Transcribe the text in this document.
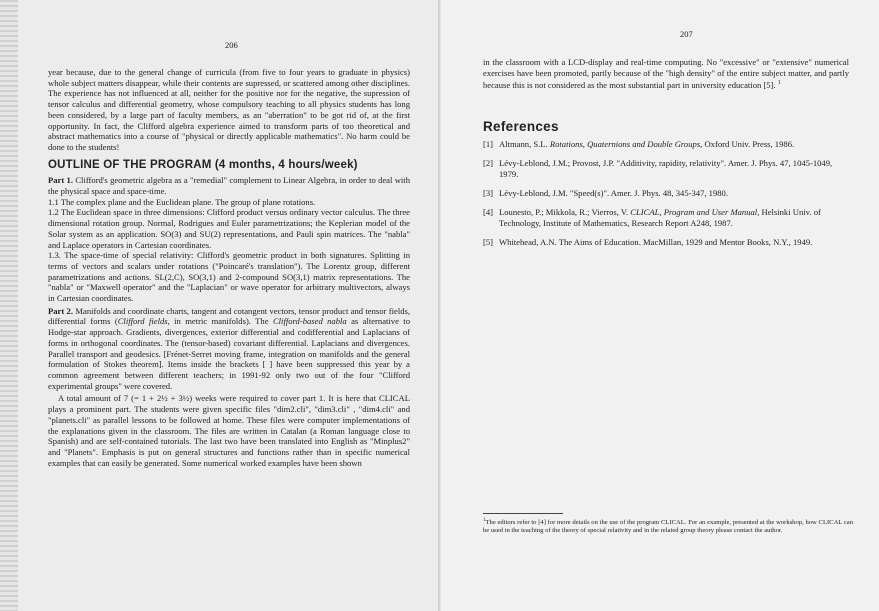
206

year because, due to the general change of curricula (from five to four years to graduate in physics) whole subject matters disappear, while their contents are supressed, or scattered among other disciplines. The experience has not influenced at all, neither for the positive nor for the negative, the supression of tensor calculus and differential geometry, whose compulsory teaching to all physics students has long been considered, by a large part of faculty members, as an "aberration" to be got rid of, at the first opportunity. In fact, the Clifford algebra experience aimed to transform parts of too theoretical and abstract mathematics into a course of "physical or directly applicable mathematics". No harm could be done to the students!

OUTLINE OF THE PROGRAM (4 months, 4 hours/week)

Part 1. Clifford's geometric algebra as a "remedial" complement to Linear Algebra, in order to deal with the physical space and space-time.

1.1 The complex plane and the Euclidean plane. The group of plane rotations.

1.2 The Euclidean space in three dimensions: Clifford product versus ordinary vector calculus. The three dimensional rotation group. Normal, Rodrigues and Euler parametrizations; the Keplerian model of the Solar system as an application. SO(3) and SU(2) representations, and Pauli spin matrices. The "nabla" and Laplace operators in Cartesian coordinates.

1.3. The space-time of special relativity: Clifford's geometric product in both signatures. Splitting in terms of vectors and scalars under rotations ("Poincaré's translation"). The Lorentz group, different parametrizations and actions. SL(2,C), SO(3,1) and 2-compound SO(3,1) matrix representations. The "nabla" or "Maxwell operator" and the "Laplacian" or wave operator for arbitrary multivectors, always in Cartesian coordinates.

Part 2. Manifolds and coordinate charts, tangent and cotangent vectors, tensor product and tensor fields, differential forms (Clifford fields, in metric manifolds). The Clifford-based nabla as alternative to Hodge-star approach. Gradients, divergences, exterior differential and codifferential and Laplacians of forms in orthogonal coordinates. The (tensor-based) covariant differential. Laplacians and divergences. Parallel transport and geodesics. [Frénet-Serret moving frame, integration on manifolds and the general formulation of Stokes theorem]. Items inside the brackets [ ] have been suppressed this year by a common agreement between different teachers; in 1991-92 only two out of the four "Clifford experimental groups" were covered.

A total amount of 7 (= 1 + 2½ + 3½) weeks were required to cover part 1. It is here that CLICAL plays a prominent part. The students were given specific files "dim2.cli", "dim3.cli" , "dim4.cli" and "planets.cli" as parallel lessons to be followed at home. These files were computer implementations of the explanations given in the classroom. The files are written in Catalan (a Roman language close to Spanish) and are self-contained tutorials. The last two have been translated into English as "Minplus2" and "Planets". Emphasis is put on general structures and functions rather than in specific numerical examples that can easily be generated. Some numerical worked examples have been shown

207
in the classroom with a LCD-display and real-time computing. No "excessive" or "extensive" numerical exercises have been promoted, partly because of the "high density" of the entire subject matter, and partly because this is not considered as the most substantial part in university education [5]. $^1$
References
[1] Altmann, S.L. Rotations, Quaternions and Double Groups, Oxford Univ. Press, 1986.
[2] Lévy-Leblond, J.M.; Provost, J.P. "Additivity, rapidity, relativity". Amer. J. Phys. 47, 1045-1049, 1979.
[3] Lévy-Leblond, J.M. "Speed(s)". Amer. J. Phys. 48, 345-347, 1980.
[4] Lounesto, P.; Mikkola, R.; Vierros, V. CLICAL, Program and User Manual, Helsinki Univ. of Technology, Institute of Mathematics, Research Report A248, 1987.
[5] Whitehead, A.N. The Aims of Education. MacMillan, 1929 and Mentor Books, N.Y., 1949.
$^1$The editors refer to [4] for more details on the use of the program CLICAL. For an example, presented at the workshop, how CLICAL can be used in the teaching of the theory of special relativity and in the related group theory please contact the author.
